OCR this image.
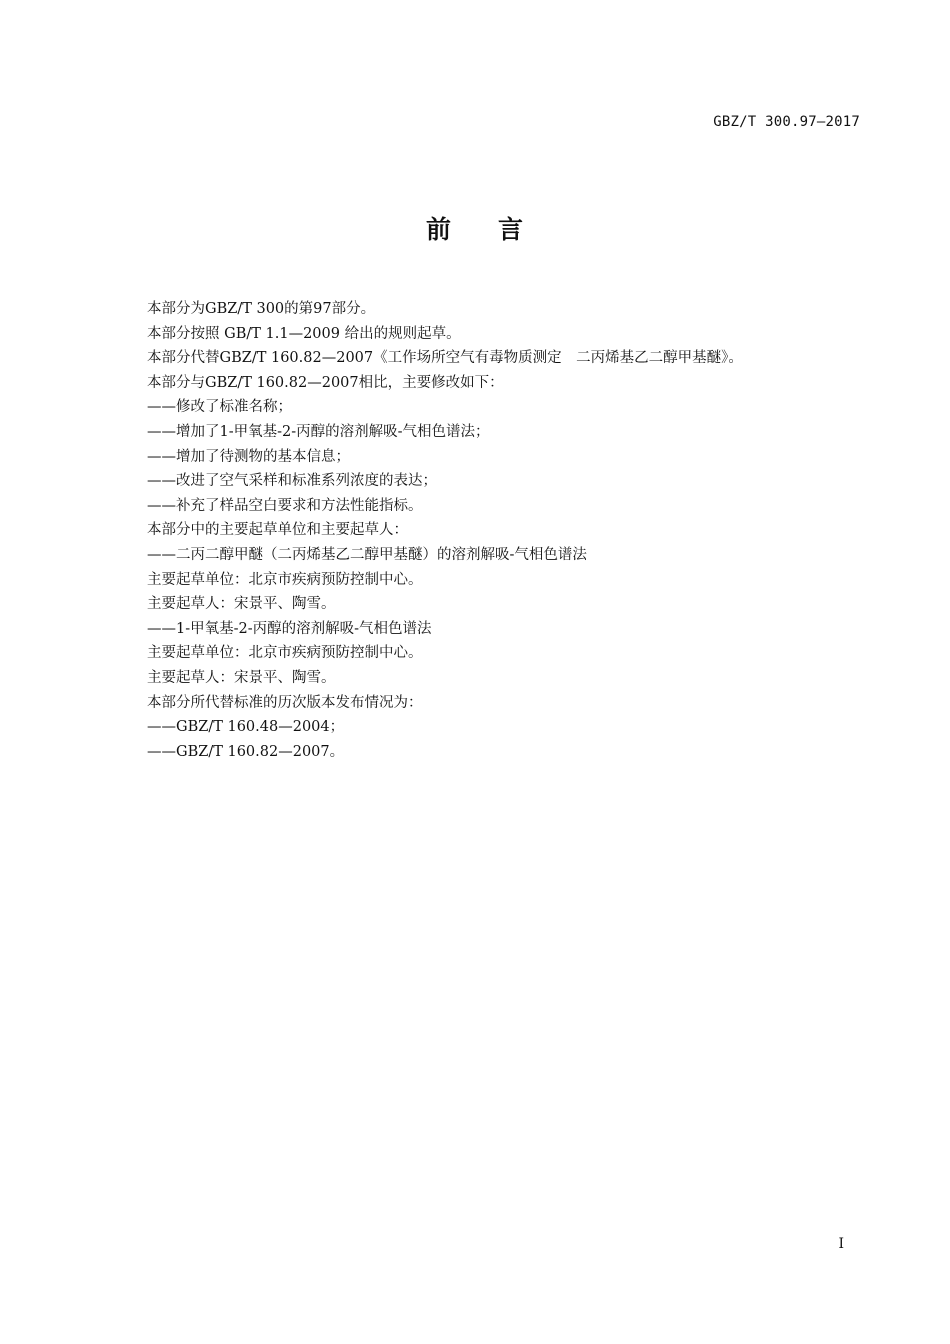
GBZ/T 300.97—2017
前 言
本部分为GBZ/T 300的第97部分。
本部分按照 GB/T 1.1—2009 给出的规则起草。
本部分代替GBZ/T 160.82—2007《工作场所空气有毒物质测定　二丙烯基乙二醇甲基醚》。
本部分与GBZ/T 160.82—2007相比，主要修改如下：
——修改了标准名称；
——增加了1-甲氧基-2-丙醇的溶剂解吸-气相色谱法；
——增加了待测物的基本信息；
——改进了空气采样和标准系列浓度的表达；
——补充了样品空白要求和方法性能指标。
本部分中的主要起草单位和主要起草人：
——二丙二醇甲醚（二丙烯基乙二醇甲基醚）的溶剂解吸-气相色谱法
主要起草单位：北京市疾病预防控制中心。
主要起草人：宋景平、陶雪。
——1-甲氧基-2-丙醇的溶剂解吸-气相色谱法
主要起草单位：北京市疾病预防控制中心。
主要起草人：宋景平、陶雪。
本部分所代替标准的历次版本发布情况为：
——GBZ/T 160.48—2004；
——GBZ/T 160.82—2007。
I
